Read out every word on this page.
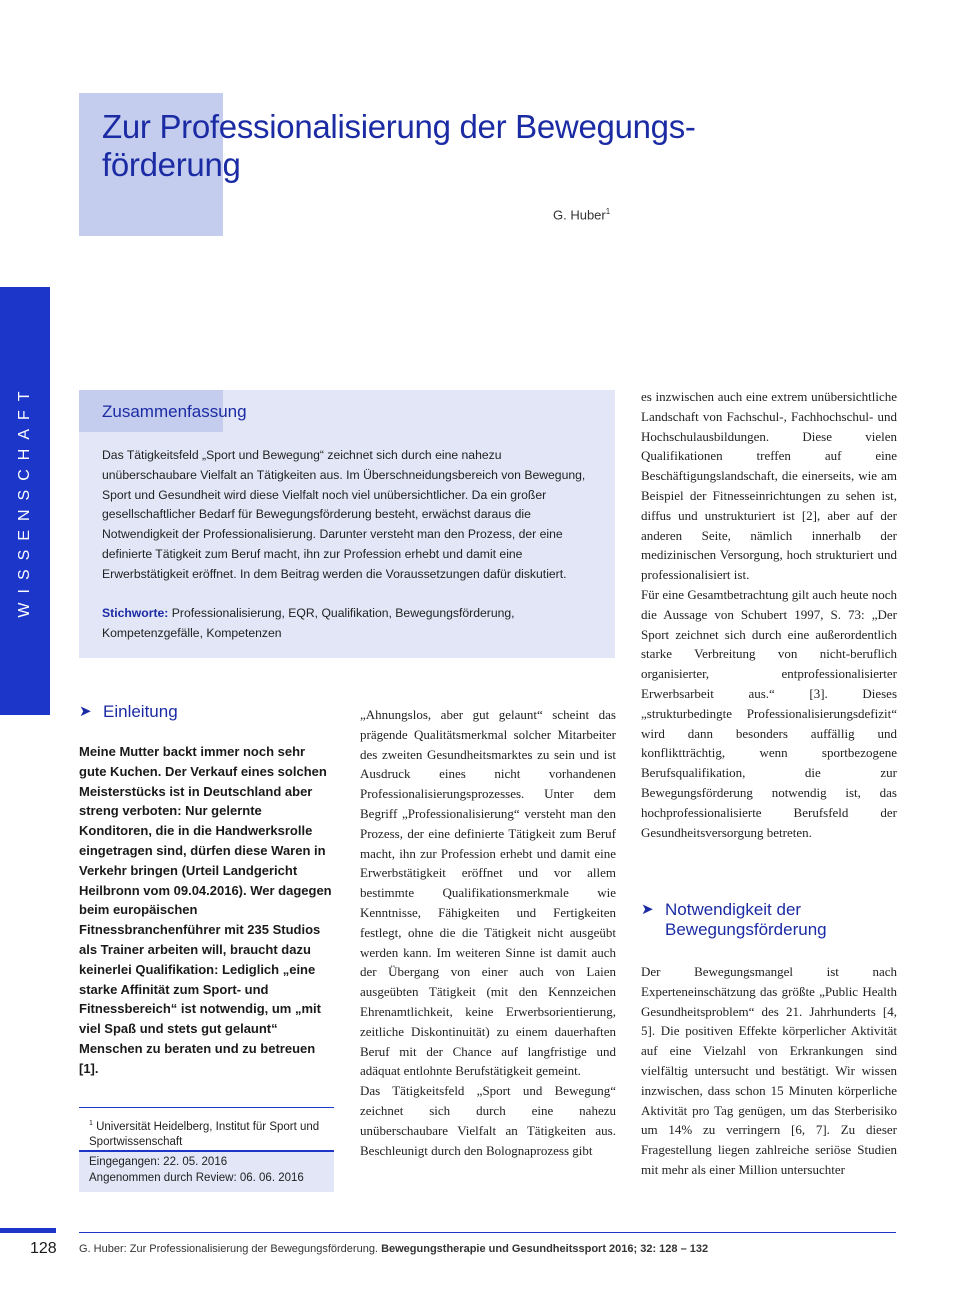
Zur Professionalisierung der Bewegungs-
förderung
G. Huber$^1$
WISSENSCHAFT	Zusammenfassung

Das Tätigkeitsfeld „Sport und Bewegung“ zeichnet sich durch eine nahezu unüberschaubare Vielfalt an Tätigkeiten aus. Im Überschneidungsbereich von Bewegung, Sport und Gesundheit wird diese Vielfalt noch viel unübersichtlicher. Da ein großer gesellschaftlicher Bedarf für Bewegungsförderung besteht, erwächst daraus die Notwendigkeit der Professionalisierung. Darunter versteht man den Prozess, der eine definierte Tätigkeit zum Beruf macht, ihn zur Profession erhebt und damit eine Erwerbstätigkeit eröffnet. In dem Beitrag werden die Voraussetzungen dafür diskutiert.

Stichworte: Professionalisierung, EQR, Qualifikation, Bewegungsförderung, Kompetenzgefälle, Kompetenzen

➤ Einleitung

Meine Mutter backt immer noch sehr gute Kuchen. Der Verkauf eines solchen Meisterstücks ist in Deutschland aber streng verboten: Nur gelernte Konditoren, die in die Handwerksrolle eingetragen sind, dürfen diese Waren in Verkehr bringen (Urteil Landgericht Heilbronn vom 09.04.2016). Wer dagegen beim europäischen Fitnessbranchenführer mit 235 Studios als Trainer arbeiten will, braucht dazu keinerlei Qualifikation: Lediglich „eine starke Affinität zum Sport- und Fitnessbereich“ ist notwendig, um „mit viel Spaß und stets gut gelaunt“ Menschen zu beraten und zu betreuen [1].

$^1$ Universität Heidelberg, Institut für Sport und Sportwissenschaft

Eingegangen: 22. 05. 2016
Angenommen durch Review: 06. 06. 2016

„Ahnungslos, aber gut gelaunt“ scheint das prägende Qualitätsmerkmal solcher Mitarbeiter des zweiten Gesundheitsmarktes zu sein und ist Ausdruck eines nicht vorhandenen Professionalisierungsprozesses. Unter dem Begriff „Professionalisierung“ versteht man den Prozess, der eine definierte Tätigkeit zum Beruf macht, ihn zur Profession erhebt und damit eine Erwerbstätigkeit eröffnet und vor allem bestimmte Qualifikationsmerkmale wie Kenntnisse, Fähigkeiten und Fertigkeiten festlegt, ohne die die Tätigkeit nicht ausgeübt werden kann. Im weiteren Sinne ist damit auch der Übergang von einer auch von Laien ausgeübten Tätigkeit (mit den Kennzeichen Ehrenamtlichkeit, keine Erwerbsorientierung, zeitliche Diskontinuität) zu einem dauerhaften Beruf mit der Chance auf langfristige und adäquat entlohnte Berufstätigkeit gemeint.

Das Tätigkeitsfeld „Sport und Bewegung“ zeichnet sich durch eine nahezu unüberschaubare Vielfalt an Tätigkeiten aus. Beschleunigt durch den Bolognaprozess gibt

es inzwischen auch eine extrem unübersichtliche Landschaft von Fachschul-, Fachhochschul- und Hochschulausbildungen. Diese vielen Qualifikationen treffen auf eine Beschäftigungslandschaft, die einerseits, wie am Beispiel der Fitnesseinrichtungen zu sehen ist, diffus und unstrukturiert ist [2], aber auf der anderen Seite, nämlich innerhalb der medizinischen Versorgung, hoch strukturiert und professionalisiert ist.

Für eine Gesamtbetrachtung gilt auch heute noch die Aussage von Schubert 1997, S. 73: „Der Sport zeichnet sich durch eine außerordentlich starke Verbreitung von nicht-beruflich organisierter, entprofessionalisierter Erwerbsarbeit aus.“ [3]. Dieses „strukturbedingte Professionalisierungsdefizit“ wird dann besonders auffällig und konfliktträchtig, wenn sportbezogene Berufsqualifikation, die zur Bewegungsförderung notwendig ist, das hochprofessionalisierte Berufsfeld der Gesundheitsversorgung betreten.

➤ Notwendigkeit der
Bewegungsförderung

Der Bewegungsmangel ist nach Experteneinschätzung das größte „Public Health Gesundheitsproblem“ des 21. Jahrhunderts [4, 5]. Die positiven Effekte körperlicher Aktivität auf eine Vielzahl von Erkrankungen sind vielfältig untersucht und bestätigt. Wir wissen inzwischen, dass schon 15 Minuten körperliche Aktivität pro Tag genügen, um das Sterberisiko um 14% zu verringern [6, 7]. Zu dieser Fragestellung liegen zahlreiche seriöse Studien mit mehr als einer Million untersuchter

128 G. Huber: Zur Professionalisierung der Bewegungsförderung. Bewegungstherapie und Gesundheitssport 2016; 32: 128 – 132
